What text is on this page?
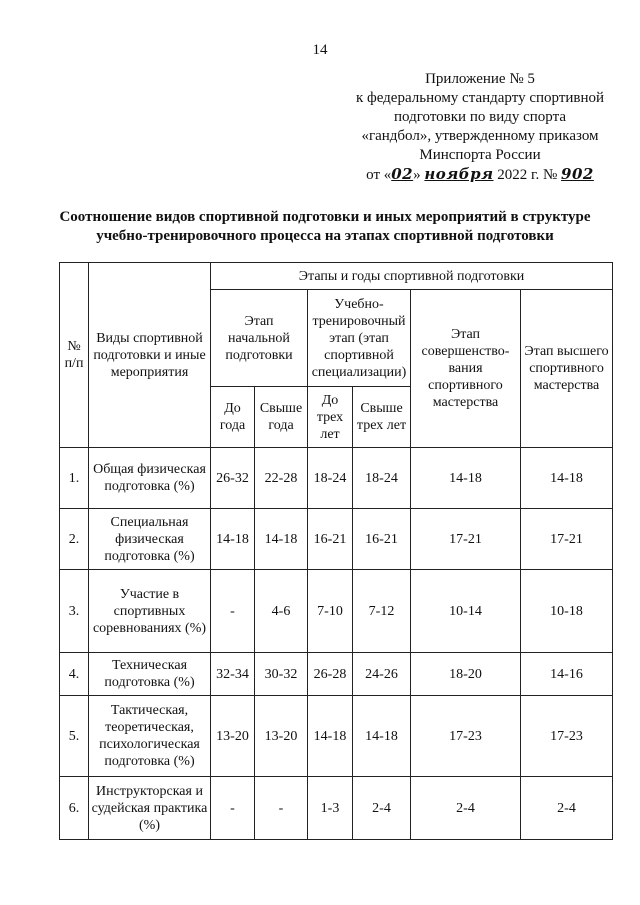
14
Приложение № 5
к федеральному стандарту спортивной
подготовки по виду спорта
«гандбол», утвержденному приказом
Минспорта России
от «02» ноября 2022 г. № 902
Соотношение видов спортивной подготовки и иных мероприятий в структуре
учебно-тренировочного процесса на этапах спортивной подготовки
№ п/п	Виды спортивной подготовки и иные мероприятия	Этапы и годы спортивной подготовки					
		Этап начальной подготовки		Учебно-тренировочный этап (этап спортивной специализации)		Этап совершенство-вания спортивного мастерства	Этап высшего спортивного мастерства
		До года	Свыше года	До трех лет	Свыше трех лет		
1.	Общая физическая подготовка (%)	26-32	22-28	18-24	18-24	14-18	14-18
2.	Специальная физическая подготовка (%)	14-18	14-18	16-21	16-21	17-21	17-21
3.	Участие в спортивных соревнованиях (%)	-	4-6	7-10	7-12	10-14	10-18
4.	Техническая подготовка (%)	32-34	30-32	26-28	24-26	18-20	14-16
5.	Тактическая, теоретическая, психологическая подготовка (%)	13-20	13-20	14-18	14-18	17-23	17-23
6.	Инструкторская и судейская практика (%)	-	-	1-3	2-4	2-4	2-4
